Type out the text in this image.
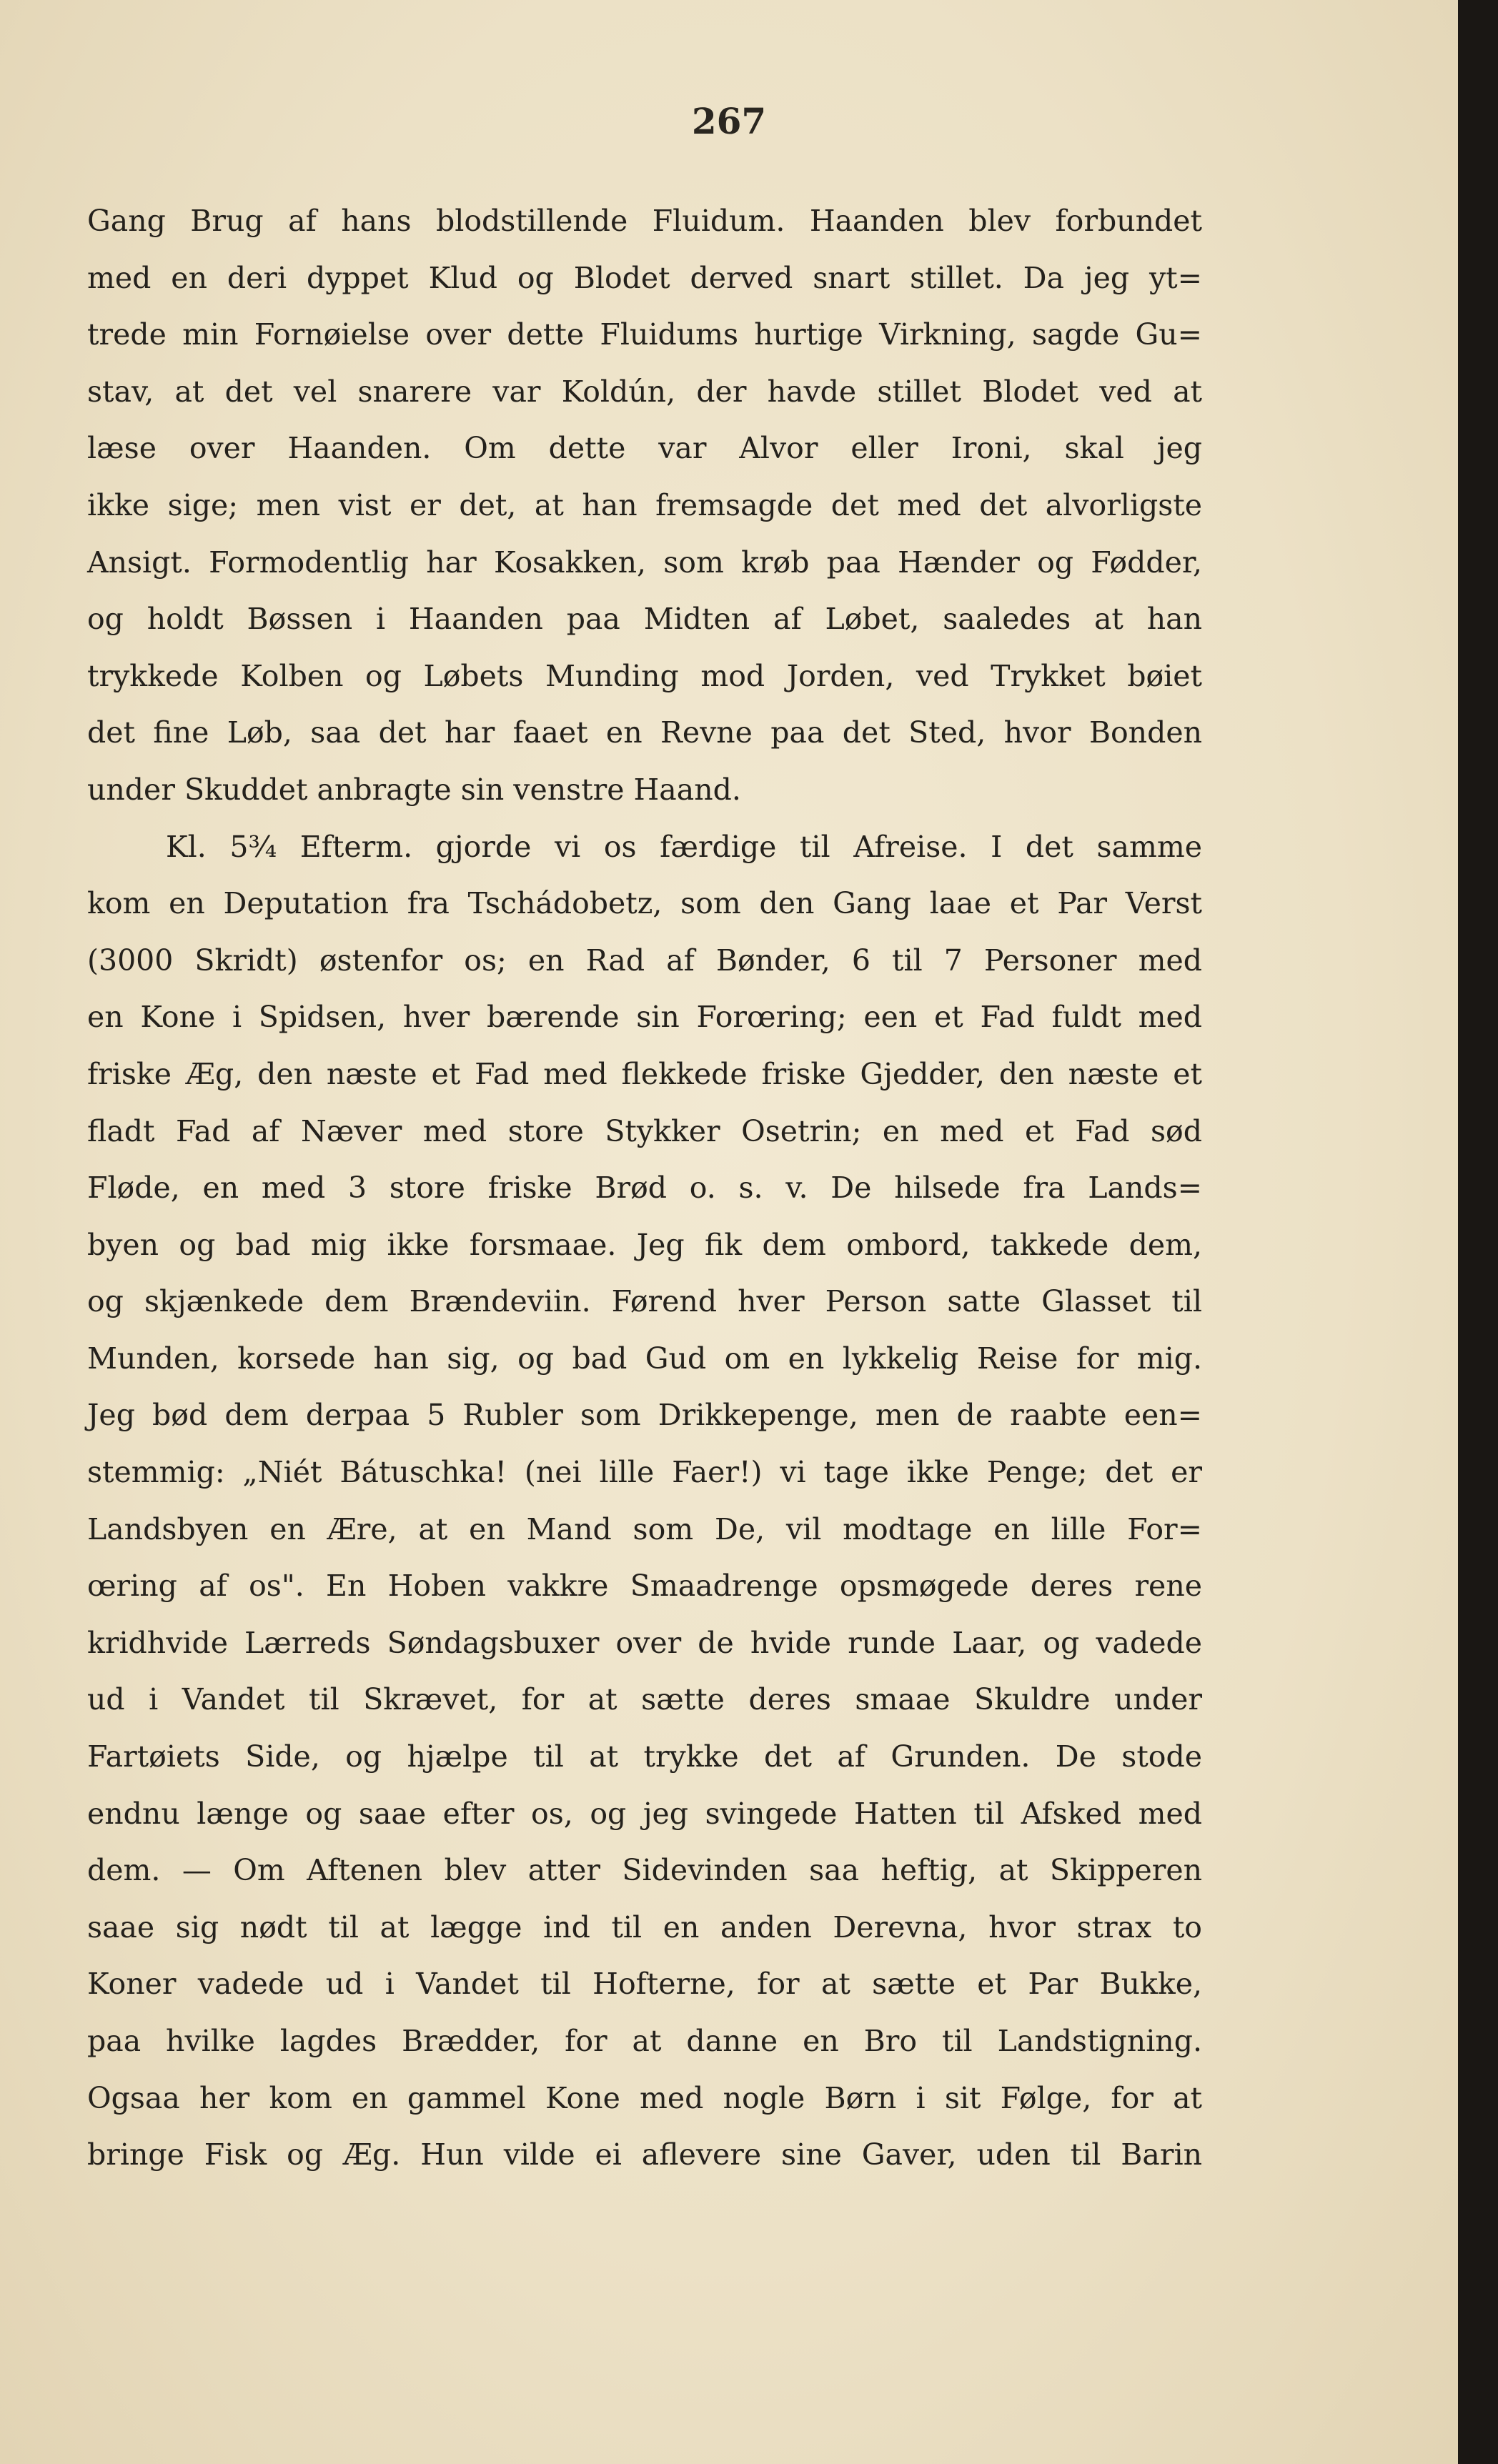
267
Gang Brug af hans blodstillende Fluidum. Haanden blev forbundet
med en deri dyppet Klud og Blodet derved snart stillet. Da jeg yt=
trede min Fornøielse over dette Fluidums hurtige Virkning, sagde Gu=
stav, at det vel snarere var Koldún, der havde stillet Blodet ved at
læse over Haanden. Om dette var Alvor eller Ironi, skal jeg
ikke sige; men vist er det, at han fremsagde det med det alvorligste
Ansigt. Formodentlig har Kosakken, som krøb paa Hænder og Fødder,
og holdt Bøssen i Haanden paa Midten af Løbet, saaledes at han
trykkede Kolben og Løbets Munding mod Jorden, ved Trykket bøiet
det fine Løb, saa det har faaet en Revne paa det Sted, hvor Bonden
under Skuddet anbragte sin venstre Haand.
Kl. 5¾ Efterm. gjorde vi os færdige til Afreise. I det samme
kom en Deputation fra Tschádobetz, som den Gang laae et Par Verst
(3000 Skridt) østenfor os; en Rad af Bønder, 6 til 7 Personer med
en Kone i Spidsen, hver bærende sin Forœring; een et Fad fuldt med
friske Æg, den næste et Fad med flekkede friske Gjedder, den næste et
fladt Fad af Næver med store Stykker Osetrin; en med et Fad sød
Fløde, en med 3 store friske Brød o. s. v. De hilsede fra Lands=
byen og bad mig ikke forsmaae. Jeg fik dem ombord, takkede dem,
og skjænkede dem Brændeviin. Førend hver Person satte Glasset til
Munden, korsede han sig, og bad Gud om en lykkelig Reise for mig.
Jeg bød dem derpaa 5 Rubler som Drikkepenge, men de raabte een=
stemmig: „Niét Bátuschka! (nei lille Faer!) vi tage ikke Penge; det er
Landsbyen en Ære, at en Mand som De, vil modtage en lille For=
œring af os". En Hoben vakkre Smaadrenge opsmøgede deres rene
kridhvide Lærreds Søndagsbuxer over de hvide runde Laar, og vadede
ud i Vandet til Skrævet, for at sætte deres smaae Skuldre under
Fartøiets Side, og hjælpe til at trykke det af Grunden. De stode
endnu længe og saae efter os, og jeg svingede Hatten til Afsked med
dem. — Om Aftenen blev atter Sidevinden saa heftig, at Skipperen
saae sig nødt til at lægge ind til en anden Derevna, hvor strax to
Koner vadede ud i Vandet til Hofterne, for at sætte et Par Bukke,
paa hvilke lagdes Brædder, for at danne en Bro til Landstigning.
Ogsaa her kom en gammel Kone med nogle Børn i sit Følge, for at
bringe Fisk og Æg. Hun vilde ei aflevere sine Gaver, uden til Barin
